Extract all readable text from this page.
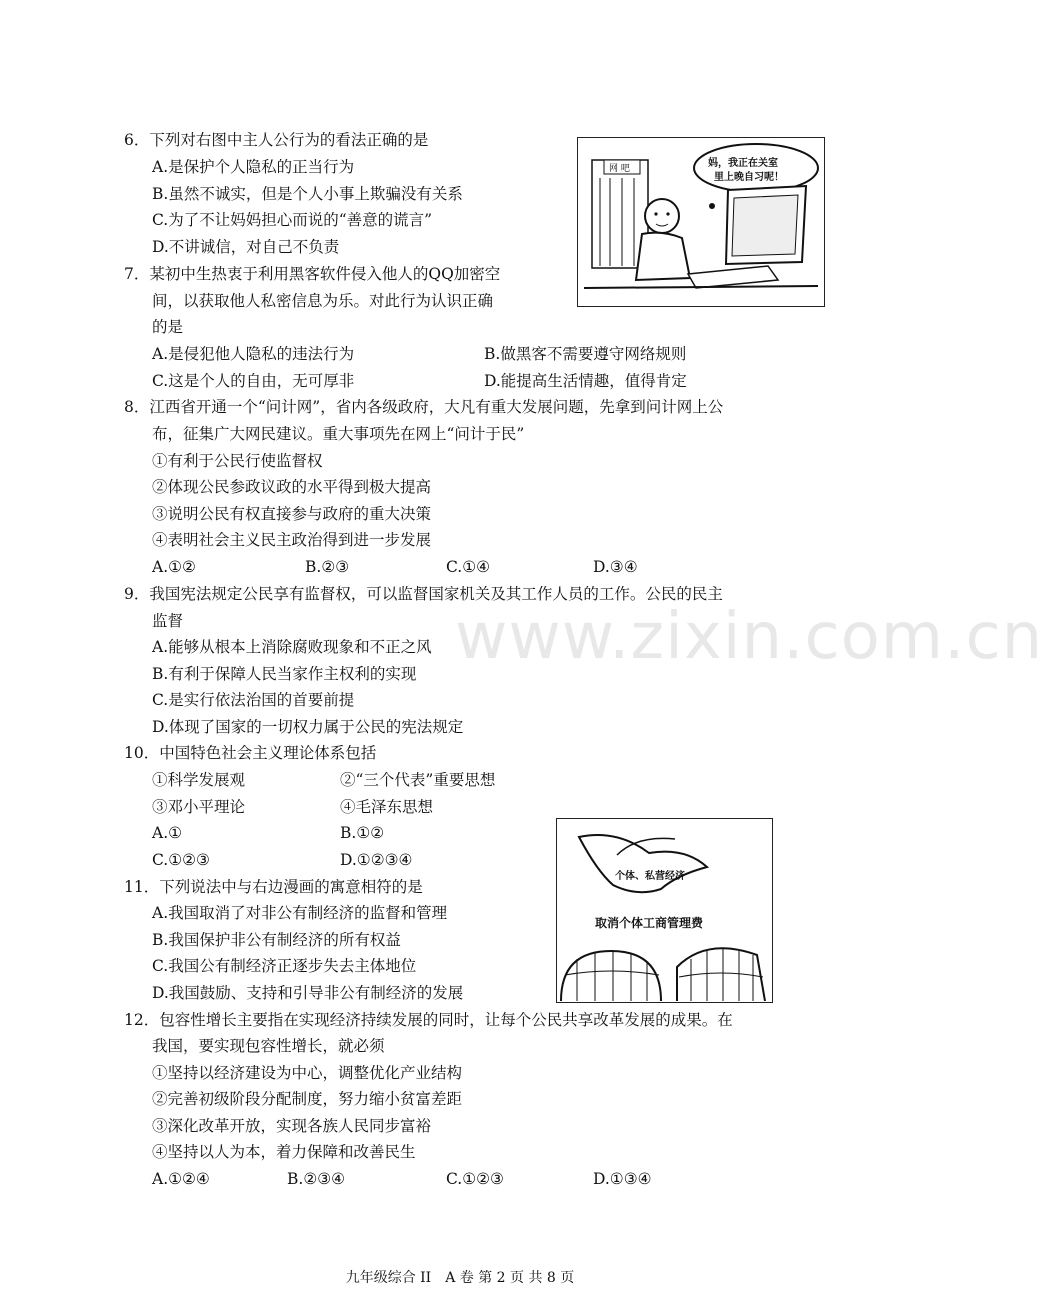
6．下列对右图中主人公行为的看法正确的是
A.是保护个人隐私的正当行为
B.虽然不诚实，但是个人小事上欺骗没有关系
C.为了不让妈妈担心而说的“善意的谎言”
D.不讲诚信，对自己不负责
妈，我正在关室
里上晚自习呢！
网 吧
7．某初中生热衷于利用黑客软件侵入他人的QQ加密空
间，以获取他人私密信息为乐。对此行为认识正确
的是
A.是侵犯他人隐私的违法行为	B.做黑客不需要遵守网络规则
C.这是个人的自由，无可厚非	D.能提高生活情趣，值得肯定
8．江西省开通一个“问计网”，省内各级政府，大凡有重大发展问题，先拿到问计网上公
布，征集广大网民建议。重大事项先在网上“问计于民”
①有利于公民行使监督权
②体现公民参政议政的水平得到极大提高
③说明公民有权直接参与政府的重大决策
④表明社会主义民主政治得到进一步发展
A.①②	B.②③	C.①④	D.③④
www.zixin.com.cn
9．我国宪法规定公民享有监督权，可以监督国家机关及其工作人员的工作。公民的民主
监督
A.能够从根本上消除腐败现象和不正之风
B.有利于保障人民当家作主权利的实现
C.是实行依法治国的首要前提
D.体现了国家的一切权力属于公民的宪法规定
10．中国特色社会主义理论体系包括
①科学发展观	②“三个代表”重要思想
③邓小平理论	④毛泽东思想
A.①	B.①②
C.①②③	D.①②③④
个体、私营经济
取消个体工商管理费
11．下列说法中与右边漫画的寓意相符的是
A.我国取消了对非公有制经济的监督和管理
B.我国保护非公有制经济的所有权益
C.我国公有制经济正逐步失去主体地位
D.我国鼓励、支持和引导非公有制经济的发展
12．包容性增长主要指在实现经济持续发展的同时，让每个公民共享改革发展的成果。在
我国，要实现包容性增长，就必须
①坚持以经济建设为中心，调整优化产业结构
②完善初级阶段分配制度，努力缩小贫富差距
③深化改革开放，实现各族人民同步富裕
④坚持以人为本，着力保障和改善民生
A.①②④	B.②③④	C.①②③	D.①③④
九年级综合 II　A 卷 第 2 页 共 8 页
